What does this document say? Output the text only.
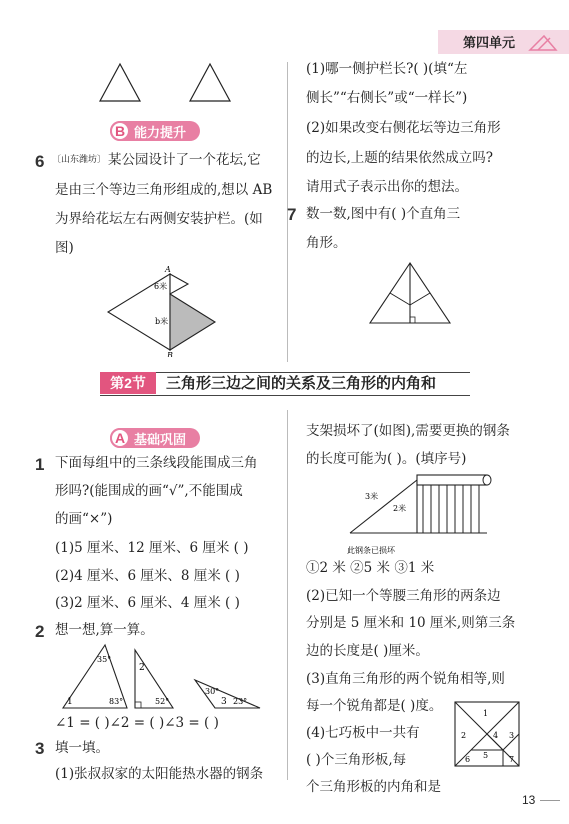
第四单元
B 能力提升
6 〔山东潍坊〕 某公园设计了一个花坛,它
是由三个等边三角形组成的,想以 AB
为界给花坛左右两侧安装护栏。(如
图)
A
6米
b米
B
(1)哪一侧护栏长?( )(填“左
侧长”“右侧长”或“一样长”)
(2)如果改变右侧花坛等边三角形
的边长,上题的结果依然成立吗?
请用式子表示出你的想法。
7 数一数,图中有( )个直角三
角形。
第2节	三角形三边之间的关系及三角形的内角和
A 基础巩固
1 下面每组中的三条线段能围成三角
形吗?(能围成的画“√”,不能围成
的画“×”)
(1)5 厘米、12 厘米、6 厘米 ( )
(2)4 厘米、6 厘米、8 厘米 ( )
(3)2 厘米、6 厘米、4 厘米 ( )
2 想一想,算一算。
35°
1	83°
2
52°
30°
3 23°
∠1 = ( )∠2 = ( )∠3 = ( )
3 填一填。
(1)张叔叔家的太阳能热水器的钢条
支架损坏了(如图),需要更换的钢条
的长度可能为( )。(填序号)
3米
2米
此钢条已损坏
①2 米 ②5 米 ③1 米
(2)已知一个等腰三角形的两条边
分别是 5 厘米和 10 厘米,则第三条
边的长度是( )厘米。
(3)直角三角形的两个锐角相等,则
每一个锐角都是( )度。
(4)七巧板中一共有
( )个三角形板,每
个三角形板的内角和是
1
2	3
4
5
6	7
13
